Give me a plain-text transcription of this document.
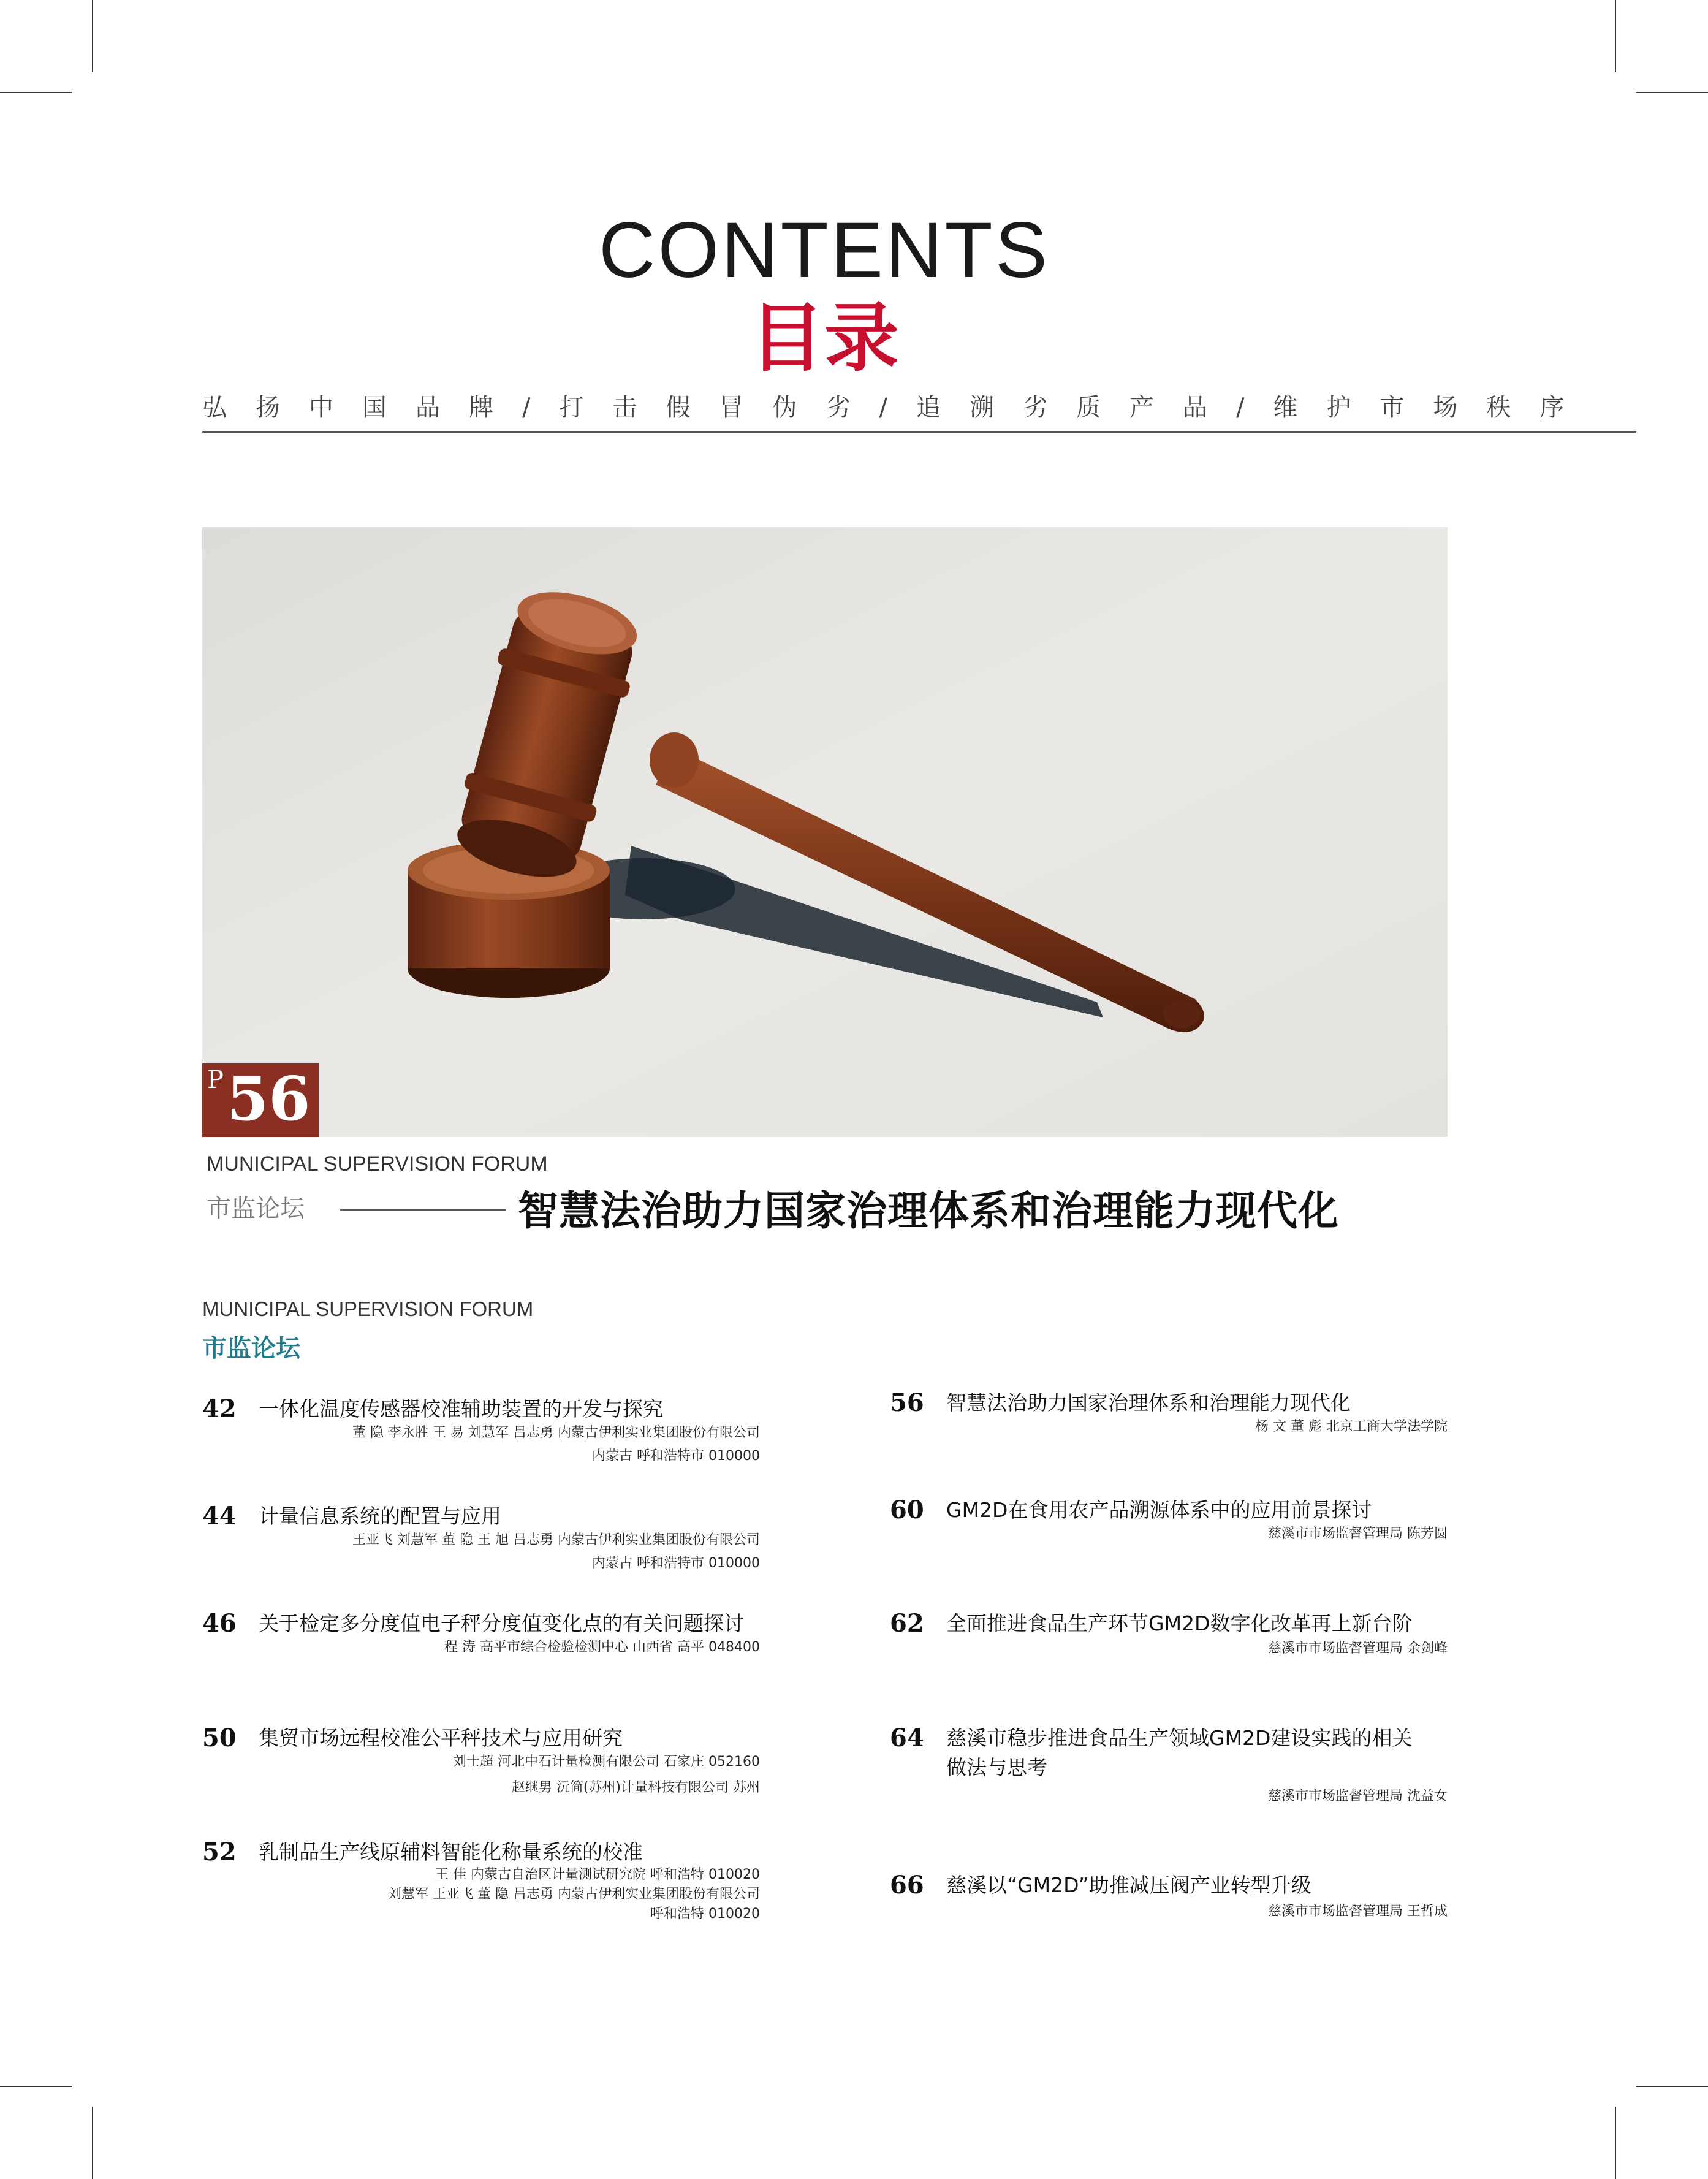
CONTENTS
目录
弘扬中国品牌/打击假冒伪劣/追溯劣质产品/维护市场秩序
P 56
MUNICIPAL SUPERVISION FORUM
市监论坛	智慧法治助力国家治理体系和治理能力现代化
MUNICIPAL SUPERVISION FORUM
市监论坛
42 一体化温度传感器校准辅助装置的开发与探究
董 隐 李永胜 王 易 刘慧军 吕志勇 内蒙古伊利实业集团股份有限公司
内蒙古 呼和浩特市 010000
44 计量信息系统的配置与应用
王亚飞 刘慧军 董 隐 王 旭 吕志勇 内蒙古伊利实业集团股份有限公司
内蒙古 呼和浩特市 010000
46 关于检定多分度值电子秤分度值变化点的有关问题探讨
程 涛 高平市综合检验检测中心 山西省 高平 048400
50 集贸市场远程校准公平秤技术与应用研究
刘士超 河北中石计量检测有限公司 石家庄 052160
赵继男 沅简(苏州)计量科技有限公司 苏州
52 乳制品生产线原辅料智能化称量系统的校准
王 佳 内蒙古自治区计量测试研究院 呼和浩特 010020
刘慧军 王亚飞 董 隐 吕志勇 内蒙古伊利实业集团股份有限公司
呼和浩特 010020
56 智慧法治助力国家治理体系和治理能力现代化
杨 文 董 彪 北京工商大学法学院
60 GM2D在食用农产品溯源体系中的应用前景探讨
慈溪市市场监督管理局 陈芳圆
62 全面推进食品生产环节GM2D数字化改革再上新台阶
慈溪市市场监督管理局 余剑峰
64 慈溪市稳步推进食品生产领域GM2D建设实践的相关
做法与思考
慈溪市市场监督管理局 沈益女
66 慈溪以“GM2D”助推减压阀产业转型升级
慈溪市市场监督管理局 王哲成
